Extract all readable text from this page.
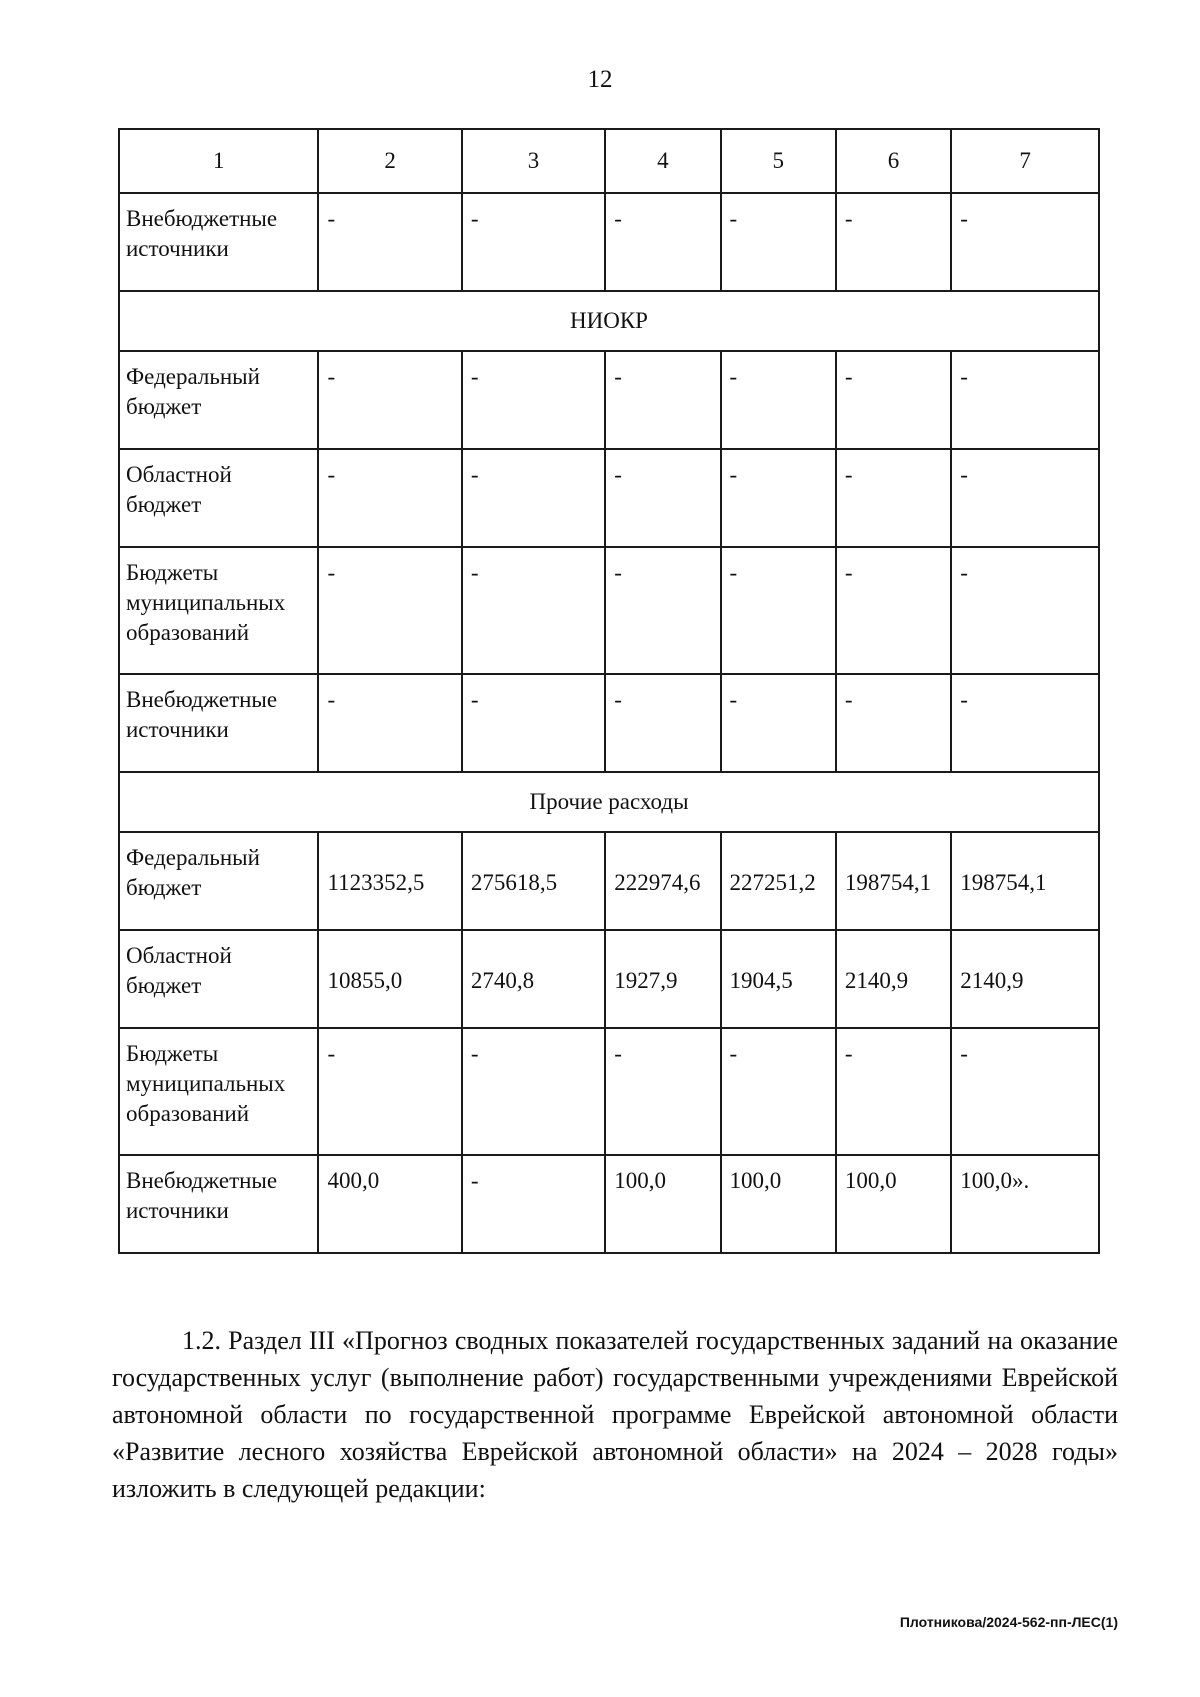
12
1	2	3	4	5	6	7
Внебюджетные источники	-	-	-	-	-	-
НИОКР						
Федеральный бюджет	-	-	-	-	-	-
Областной бюджет	-	-	-	-	-	-
Бюджеты муниципальных образований	-	-	-	-	-	-
Внебюджетные источники	-	-	-	-	-	-
Прочие расходы						
Федеральный бюджет	1123352,5	275618,5	222974,6	227251,2	198754,1	198754,1
Областной бюджет	10855,0	2740,8	1927,9	1904,5	2140,9	2140,9
Бюджеты муниципальных образований	-	-	-	-	-	-
Внебюджетные источники	400,0	-	100,0	100,0	100,0	100,0».

1.2. Раздел III «Прогноз сводных показателей государственных заданий на оказание государственных услуг (выполнение работ) государственными учреждениями Еврейской автономной области по государственной программе Еврейской автономной области «Развитие лесного хозяйства Еврейской автономной области» на 2024 – 2028 годы» изложить в следующей редакции:

Плотникова/2024-562-пп-ЛЕС(1)
